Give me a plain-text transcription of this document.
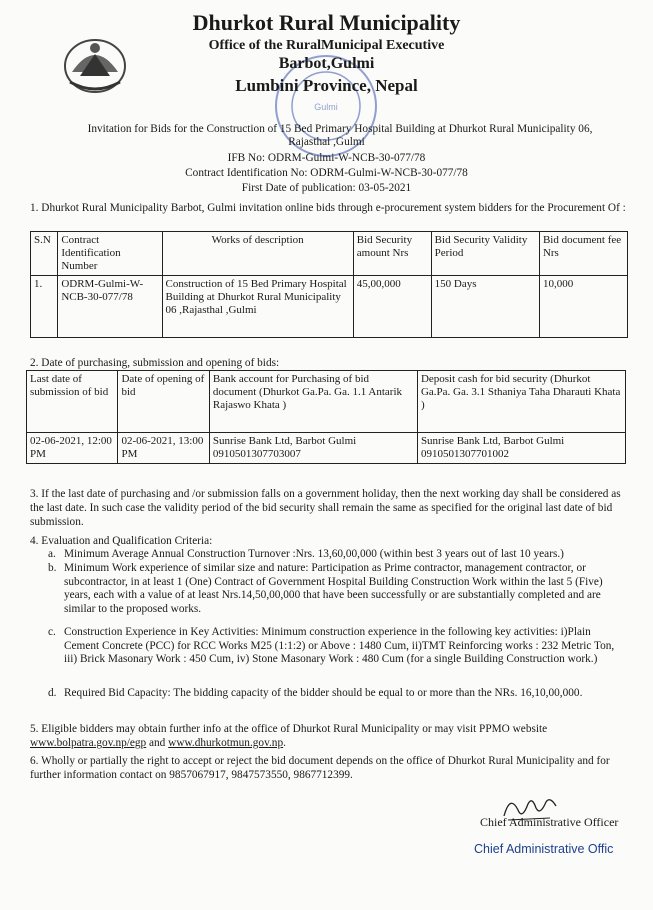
Gulmi
Dhurkot Rural Municipality
Office of the RuralMunicipal Executive
Barbot,Gulmi
Lumbini Province, Nepal
Invitation for Bids for the Construction of 15 Bed Primary Hospital Building at Dhurkot Rural Municipality 06,
Rajasthal ,Gulmi
IFB No: ODRM-Gulmi-W-NCB-30-077/78
Contract Identification No: ODRM-Gulmi-W-NCB-30-077/78
First Date of publication: 03-05-2021
1. Dhurkot Rural Municipality Barbot, Gulmi invitation online bids through e-procurement system bidders for the Procurement Of :
S.N	Contract Identification Number	Works of description	Bid Security amount Nrs	Bid Security Validity Period	Bid document fee Nrs
1.	ODRM-Gulmi-W-NCB-30-077/78	Construction of 15 Bed Primary Hospital Building at Dhurkot Rural Municipality 06 ,Rajasthal ,Gulmi	45,00,000	150 Days	10,000
2. Date of purchasing, submission and opening of bids:
Last date of submission of bid	Date of opening of bid	Bank account for Purchasing of bid document (Dhurkot Ga.Pa. Ga. 1.1 Antarik Rajaswo Khata )	Deposit cash for bid security (Dhurkot Ga.Pa. Ga. 3.1 Sthaniya Taha Dharauti Khata )
02-06-2021, 12:00 PM	02-06-2021, 13:00 PM	Sunrise Bank Ltd, Barbot Gulmi 0910501307703007	Sunrise Bank Ltd, Barbot Gulmi 0910501307701002
3. If the last date of purchasing and /or submission falls on a government holiday, then the next working day shall be considered as the last date. In such case the validity period of the bid security shall remain the same as specified for the original last date of bid submission.
4. Evaluation and Qualification Criteria:
a. Minimum Average Annual Construction Turnover :Nrs. 13,60,00,000 (within best 3 years out of last 10 years.)
b. Minimum Work experience of similar size and nature: Participation as Prime contractor, management contractor, or subcontractor, in at least 1 (One) Contract of Government Hospital Building Construction Work within the last 5 (Five) years, each with a value of at least Nrs.14,50,00,000 that have been successfully or are substantially completed and are similar to the proposed works.
c. Construction Experience in Key Activities: Minimum construction experience in the following key activities: i)Plain Cement Concrete (PCC) for RCC Works M25 (1:1:2) or Above : 1480 Cum, ii)TMT Reinforcing works : 232 Metric Ton, iii) Brick Masonary Work : 450 Cum, iv) Stone Masonary Work : 480 Cum (for a single Building Construction work.)
d. Required Bid Capacity: The bidding capacity of the bidder should be equal to or more than the NRs. 16,10,00,000.
5. Eligible bidders may obtain further info at the office of Dhurkot Rural Municipality or may visit PPMO website www.bolpatra.gov.np/egp and www.dhurkotmun.gov.np.
6. Wholly or partially the right to accept or reject the bid document depends on the office of Dhurkot Rural Municipality and for further information contact on 9857067917, 9847573550, 9867712399.
Chief Administrative Officer
Chief Administrative Offic
